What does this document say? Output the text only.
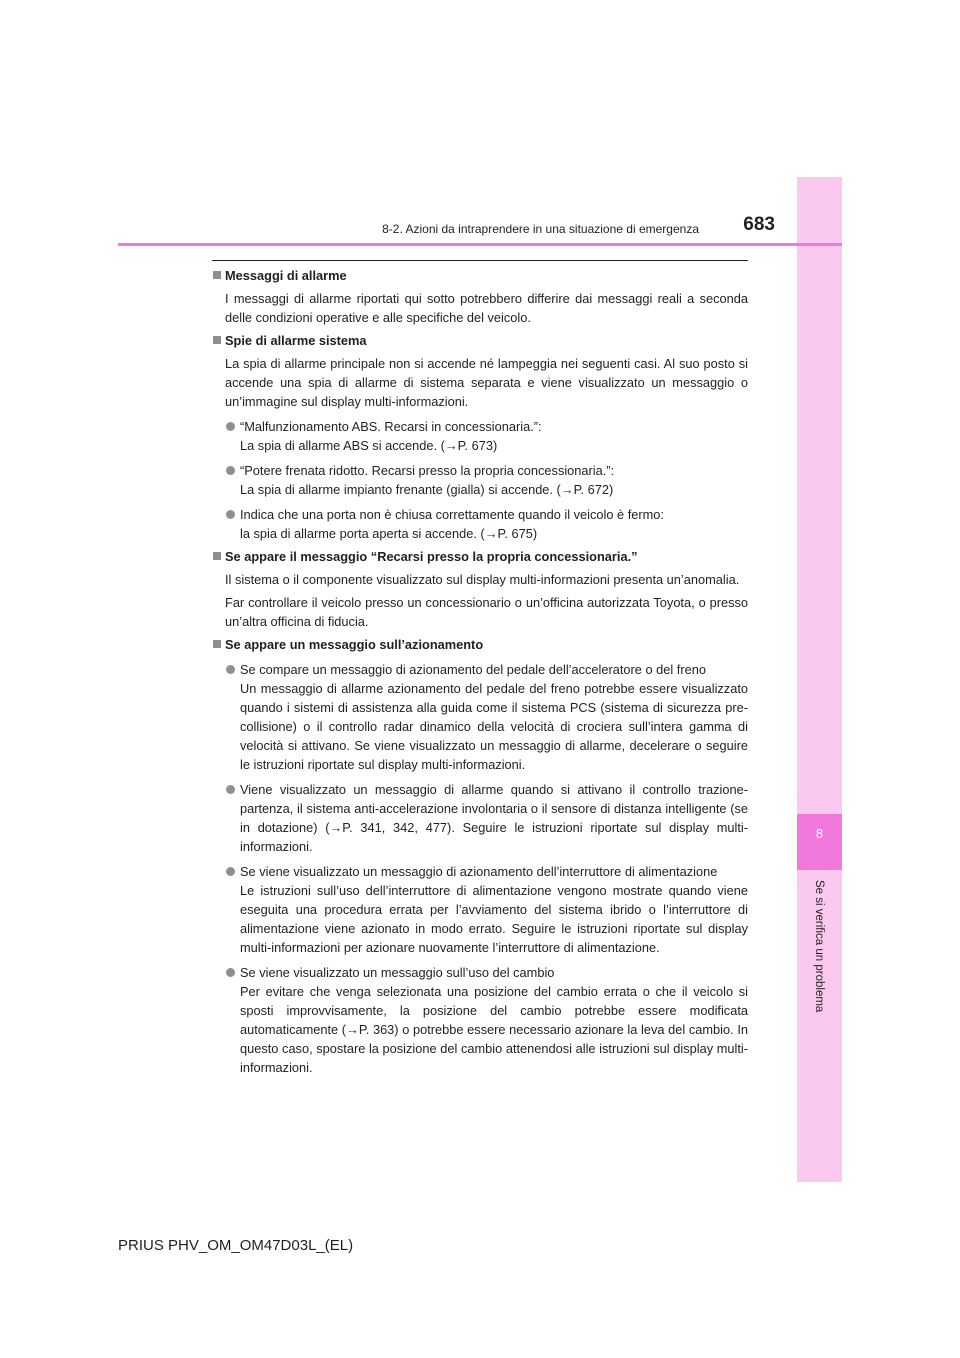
8
Se si verifica un problema
8-2. Azioni da intraprendere in una situazione di emergenza	683

Messaggi di allarme

I messaggi di allarme riportati qui sotto potrebbero differire dai messaggi reali a seconda delle condizioni operative e alle specifiche del veicolo.

Spie di allarme sistema

La spia di allarme principale non si accende né lampeggia nei seguenti casi. Al suo posto si accende una spia di allarme di sistema separata e viene visualizzato un messaggio o un’immagine sul display multi-informazioni.

“Malfunzionamento ABS. Recarsi in concessionaria.”:
La spia di allarme ABS si accende. (→P. 673)
“Potere frenata ridotto. Recarsi presso la propria concessionaria.”:
La spia di allarme impianto frenante (gialla) si accende. (→P. 672)
Indica che una porta non è chiusa correttamente quando il veicolo è fermo:
la spia di allarme porta aperta si accende. (→P. 675)

Se appare il messaggio “Recarsi presso la propria concessionaria.”

Il sistema o il componente visualizzato sul display multi-informazioni presenta un’anomalia.

Far controllare il veicolo presso un concessionario o un’officina autorizzata Toyota, o presso un’altra officina di fiducia.

Se appare un messaggio sull’azionamento

Se compare un messaggio di azionamento del pedale dell’acceleratore o del freno
Un messaggio di allarme azionamento del pedale del freno potrebbe essere visualizzato quando i sistemi di assistenza alla guida come il sistema PCS (sistema di sicurezza pre-collisione) o il controllo radar dinamico della velocità di crociera sull’intera gamma di velocità si attivano. Se viene visualizzato un messaggio di allarme, decelerare o seguire le istruzioni riportate sul display multi-informazioni.
Viene visualizzato un messaggio di allarme quando si attivano il controllo trazione-partenza, il sistema anti-accelerazione involontaria o il sensore di distanza intelligente (se in dotazione) (→P. 341, 342, 477). Seguire le istruzioni riportate sul display multi-informazioni.
Se viene visualizzato un messaggio di azionamento dell’interruttore di alimentazione
Le istruzioni sull’uso dell’interruttore di alimentazione vengono mostrate quando viene eseguita una procedura errata per l’avviamento del sistema ibrido o l’interruttore di alimentazione viene azionato in modo errato. Seguire le istruzioni riportate sul display multi-informazioni per azionare nuovamente l’interruttore di alimentazione.
Se viene visualizzato un messaggio sull’uso del cambio
Per evitare che venga selezionata una posizione del cambio errata o che il veicolo si sposti improvvisamente, la posizione del cambio potrebbe essere modificata automaticamente (→P. 363) o potrebbe essere necessario azionare la leva del cambio. In questo caso, spostare la posizione del cambio attenendosi alle istruzioni sul display multi-informazioni.
PRIUS PHV_OM_OM47D03L_(EL)
